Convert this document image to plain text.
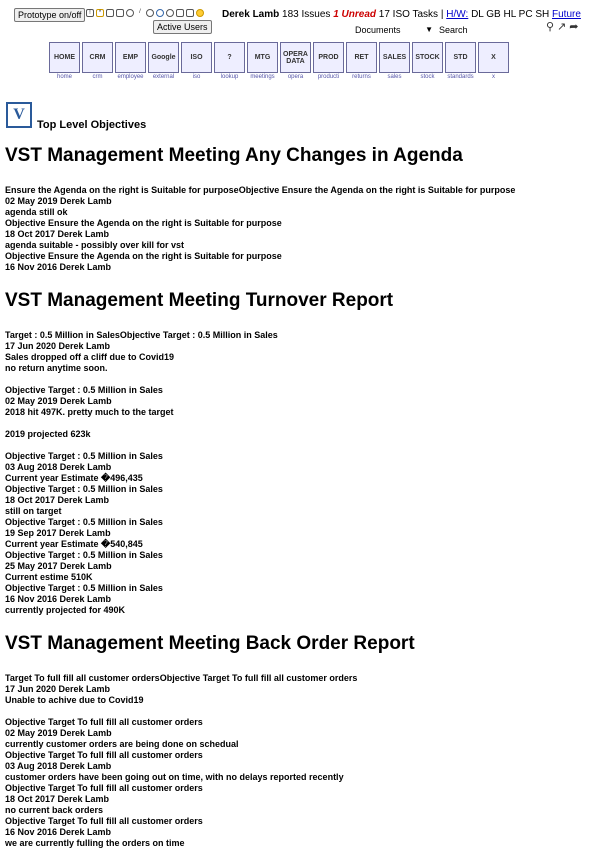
Prototype on/off	!	*	/	Derek Lamb 183 Issues 1 Unread 17 ISO Tasks | H/W: DL GB HL PC SH Future
Active Users	Documents	▼ Search	⚲ ↗ ➦
HOME
home
CRM
crm
EMP
employee
Google
external
ISO
iso
?
lookup
MTG
meetings
OPERA DATA
opera
PROD
producti
RET
returns
SALES
sales
STOCK
stock
STD
standards
X
x
V
Top Level Objectives
VST Management Meeting Any Changes in Agenda
Ensure the Agenda on the right is Suitable for purposeObjective Ensure the Agenda on the right is Suitable for purpose
02 May 2019 Derek Lamb
agenda still ok
Objective Ensure the Agenda on the right is Suitable for purpose
18 Oct 2017 Derek Lamb
agenda suitable - possibly over kill for vst
Objective Ensure the Agenda on the right is Suitable for purpose
16 Nov 2016 Derek Lamb
VST Management Meeting Turnover Report
Target : 0.5 Million in SalesObjective Target : 0.5 Million in Sales
17 Jun 2020 Derek Lamb
Sales dropped off a cliff due to Covid19
no return anytime soon.
Objective Target : 0.5 Million in Sales
02 May 2019 Derek Lamb
2018 hit 497K. pretty much to the target
2019 projected 623k
Objective Target : 0.5 Million in Sales
03 Aug 2018 Derek Lamb
Current year Estimate �496,435
Objective Target : 0.5 Million in Sales
18 Oct 2017 Derek Lamb
still on target
Objective Target : 0.5 Million in Sales
19 Sep 2017 Derek Lamb
Current year Estimate �540,845
Objective Target : 0.5 Million in Sales
25 May 2017 Derek Lamb
Current estime 510K
Objective Target : 0.5 Million in Sales
16 Nov 2016 Derek Lamb
currently projected for 490K
VST Management Meeting Back Order Report
Target To full fill all customer ordersObjective Target To full fill all customer orders
17 Jun 2020 Derek Lamb
Unable to achive due to Covid19
Objective Target To full fill all customer orders
02 May 2019 Derek Lamb
currently customer orders are being done on schedual
Objective Target To full fill all customer orders
03 Aug 2018 Derek Lamb
customer orders have been going out on time, with no delays reported recently
Objective Target To full fill all customer orders
18 Oct 2017 Derek Lamb
no current back orders
Objective Target To full fill all customer orders
16 Nov 2016 Derek Lamb
we are currently fulling the orders on time
